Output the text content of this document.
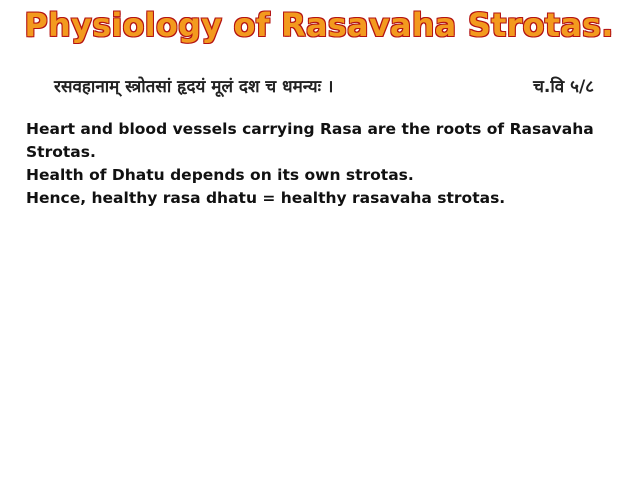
Physiology of Rasavaha Strotas.
रसवहानाम् स्त्रोतसां हृदयं मूलं दश च धमन्यः ।	च.वि ५/८

Heart and blood vessels carrying Rasa are the roots of Rasavaha Strotas.

Health of Dhatu depends on its own strotas.

Hence, healthy rasa dhatu = healthy rasavaha strotas.
